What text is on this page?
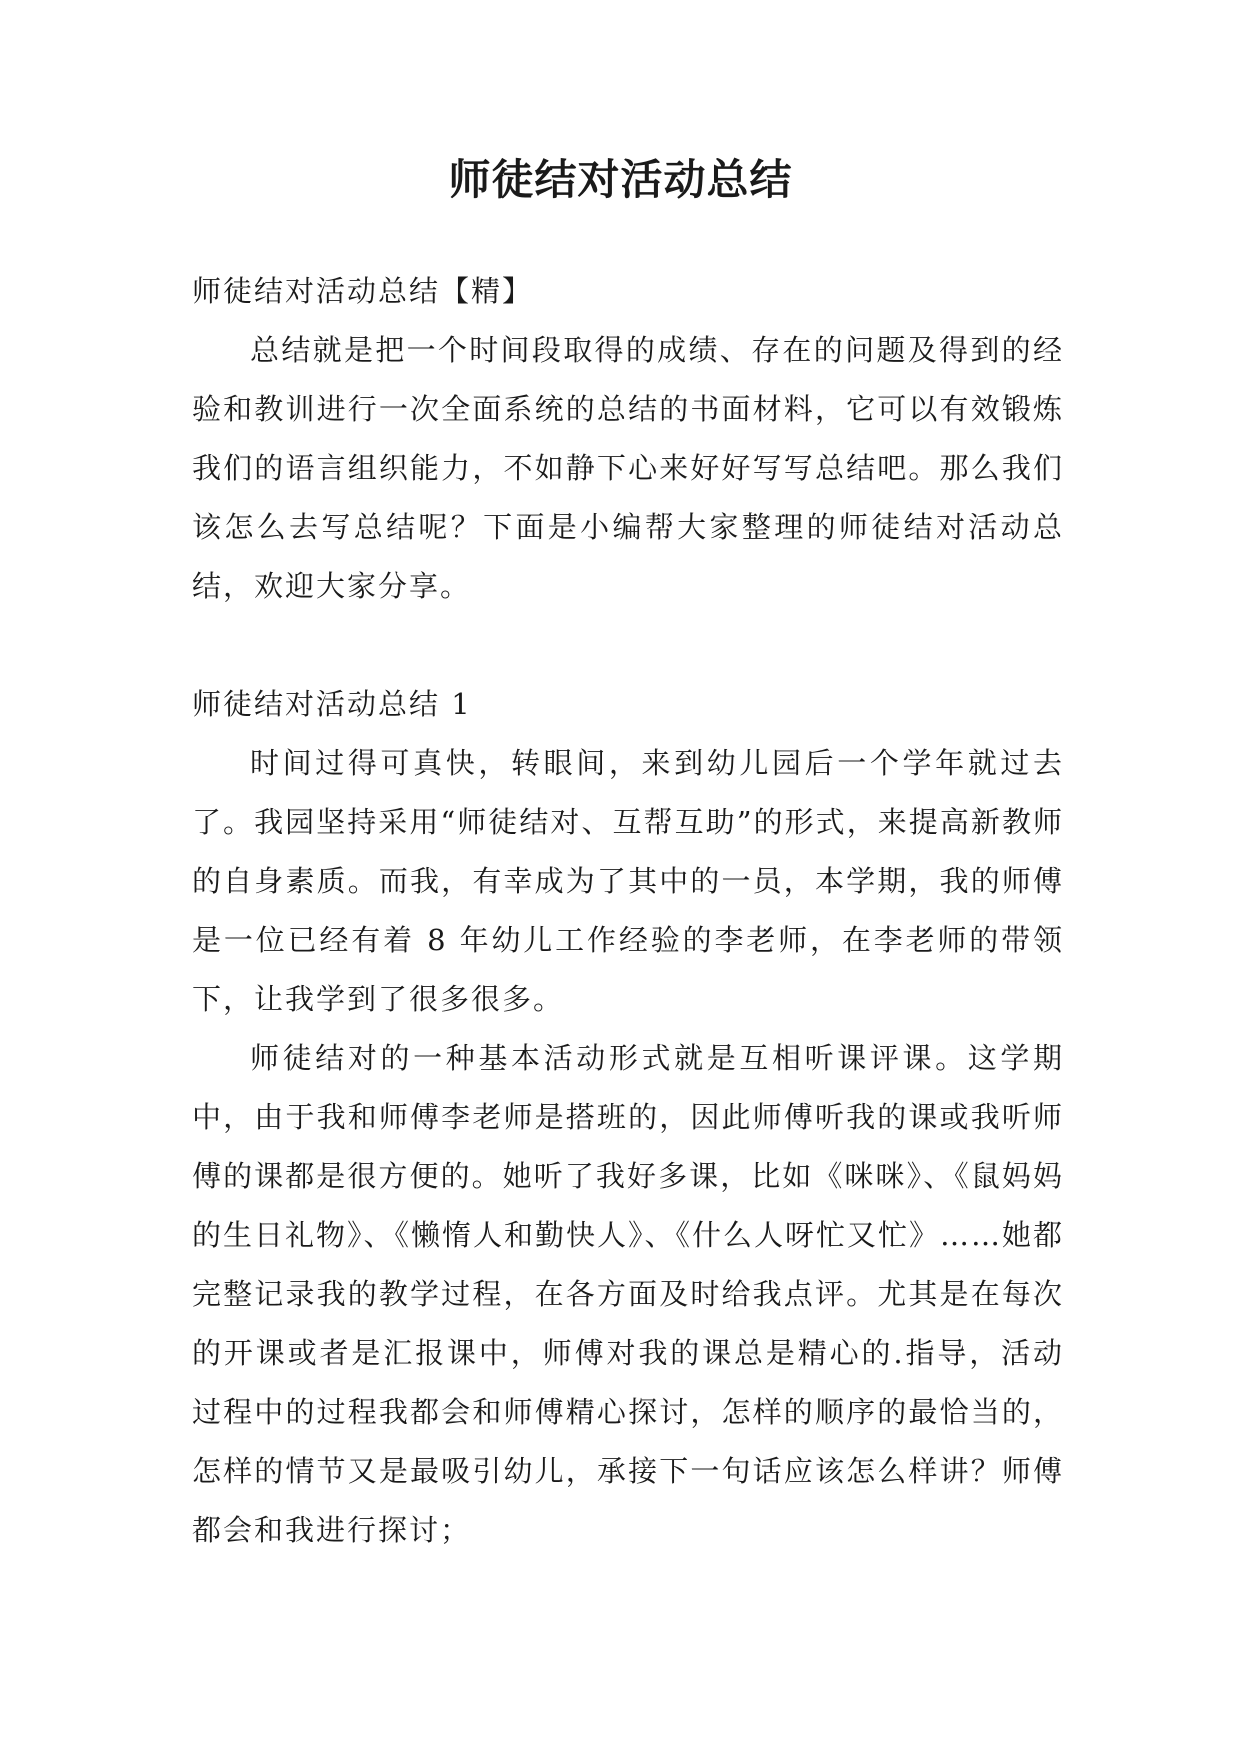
师徒结对活动总结

师徒结对活动总结【精】

总结就是把一个时间段取得的成绩、存在的问题及得到的经验和教训进行一次全面系统的总结的书面材料，它可以有效锻炼我们的语言组织能力，不如静下心来好好写写总结吧。那么我们该怎么去写总结呢？下面是小编帮大家整理的师徒结对活动总结，欢迎大家分享。

师徒结对活动总结 1

时间过得可真快，转眼间，来到幼儿园后一个学年就过去了。我园坚持采用“师徒结对、互帮互助”的形式，来提高新教师的自身素质。而我，有幸成为了其中的一员，本学期，我的师傅是一位已经有着 8 年幼儿工作经验的李老师，在李老师的带领下，让我学到了很多很多。

师徒结对的一种基本活动形式就是互相听课评课。这学期中，由于我和师傅李老师是搭班的，因此师傅听我的课或我听师傅的课都是很方便的。她听了我好多课，比如《咪咪》、《鼠妈妈的生日礼物》、《懒惰人和勤快人》、《什么人呀忙又忙》……她都完整记录我的教学过程，在各方面及时给我点评。尤其是在每次的开课或者是汇报课中，师傅对我的课总是精心的.指导，活动过程中的过程我都会和师傅精心探讨，怎样的顺序的最恰当的，怎样的情节又是最吸引幼儿，承接下一句话应该怎么样讲？师傅都会和我进行探讨；
